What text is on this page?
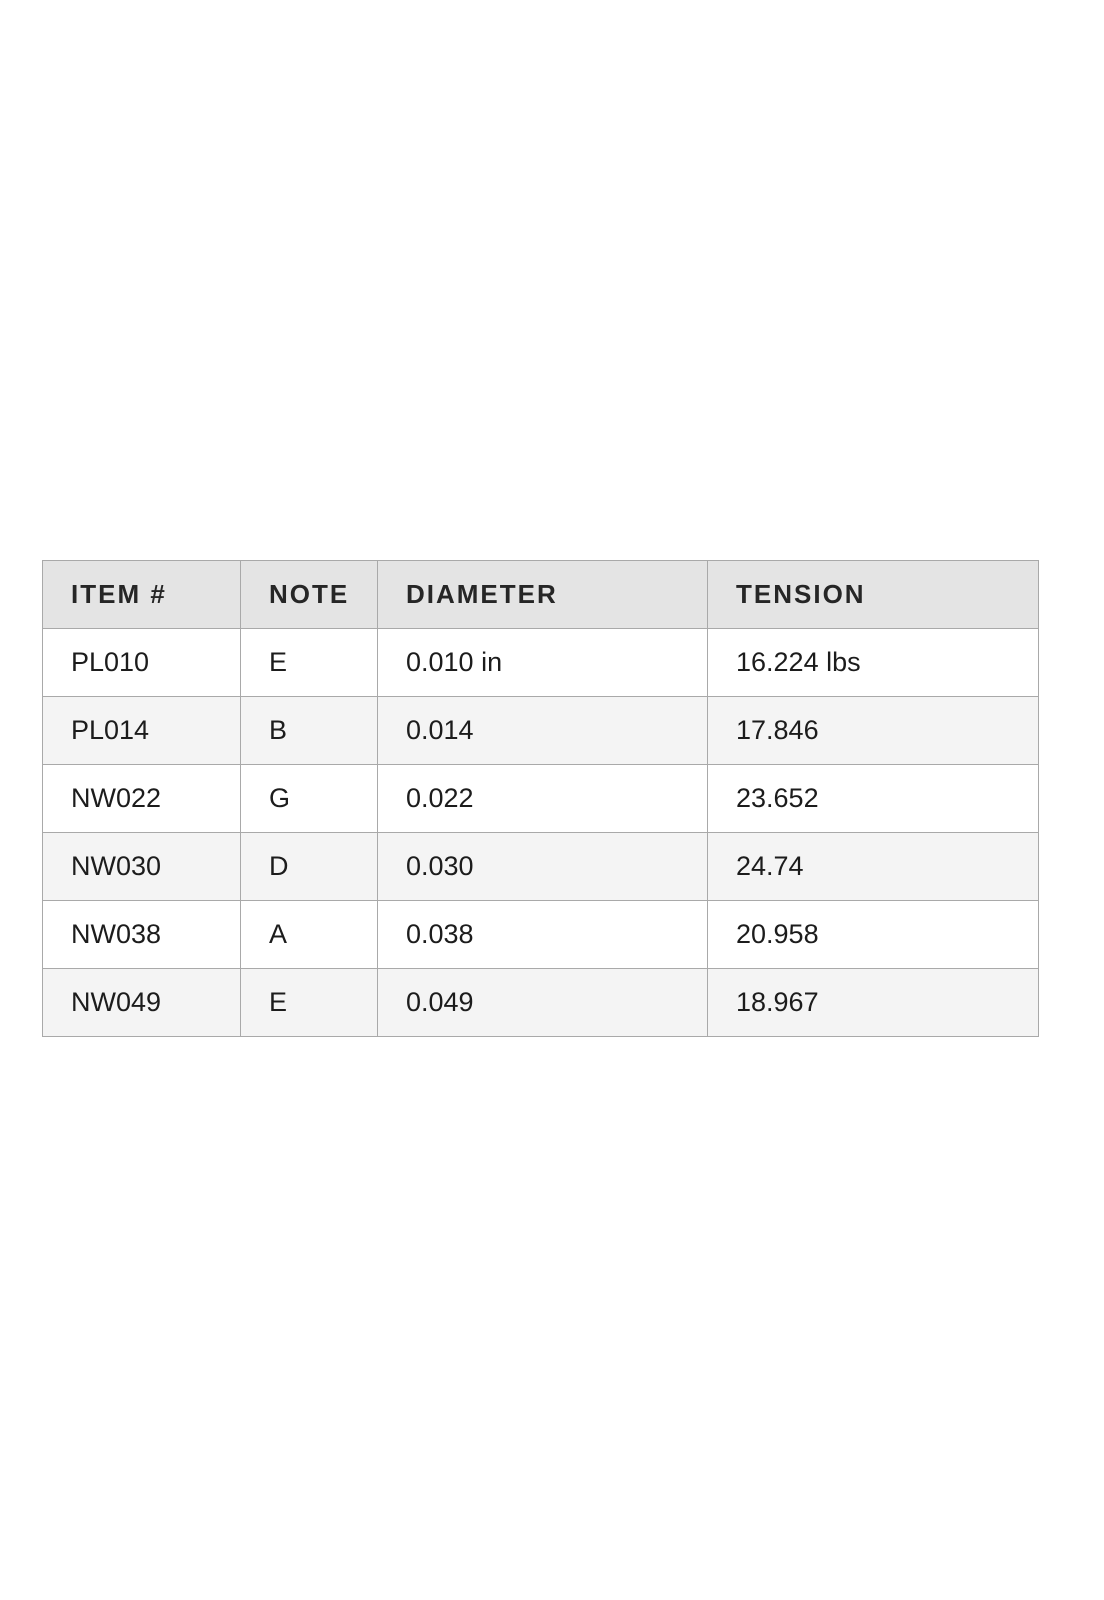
ITEM #	NOTE	DIAMETER	TENSION
PL010	E	0.010 in	16.224 lbs
PL014	B	0.014	17.846
NW022	G	0.022	23.652
NW030	D	0.030	24.74
NW038	A	0.038	20.958
NW049	E	0.049	18.967
